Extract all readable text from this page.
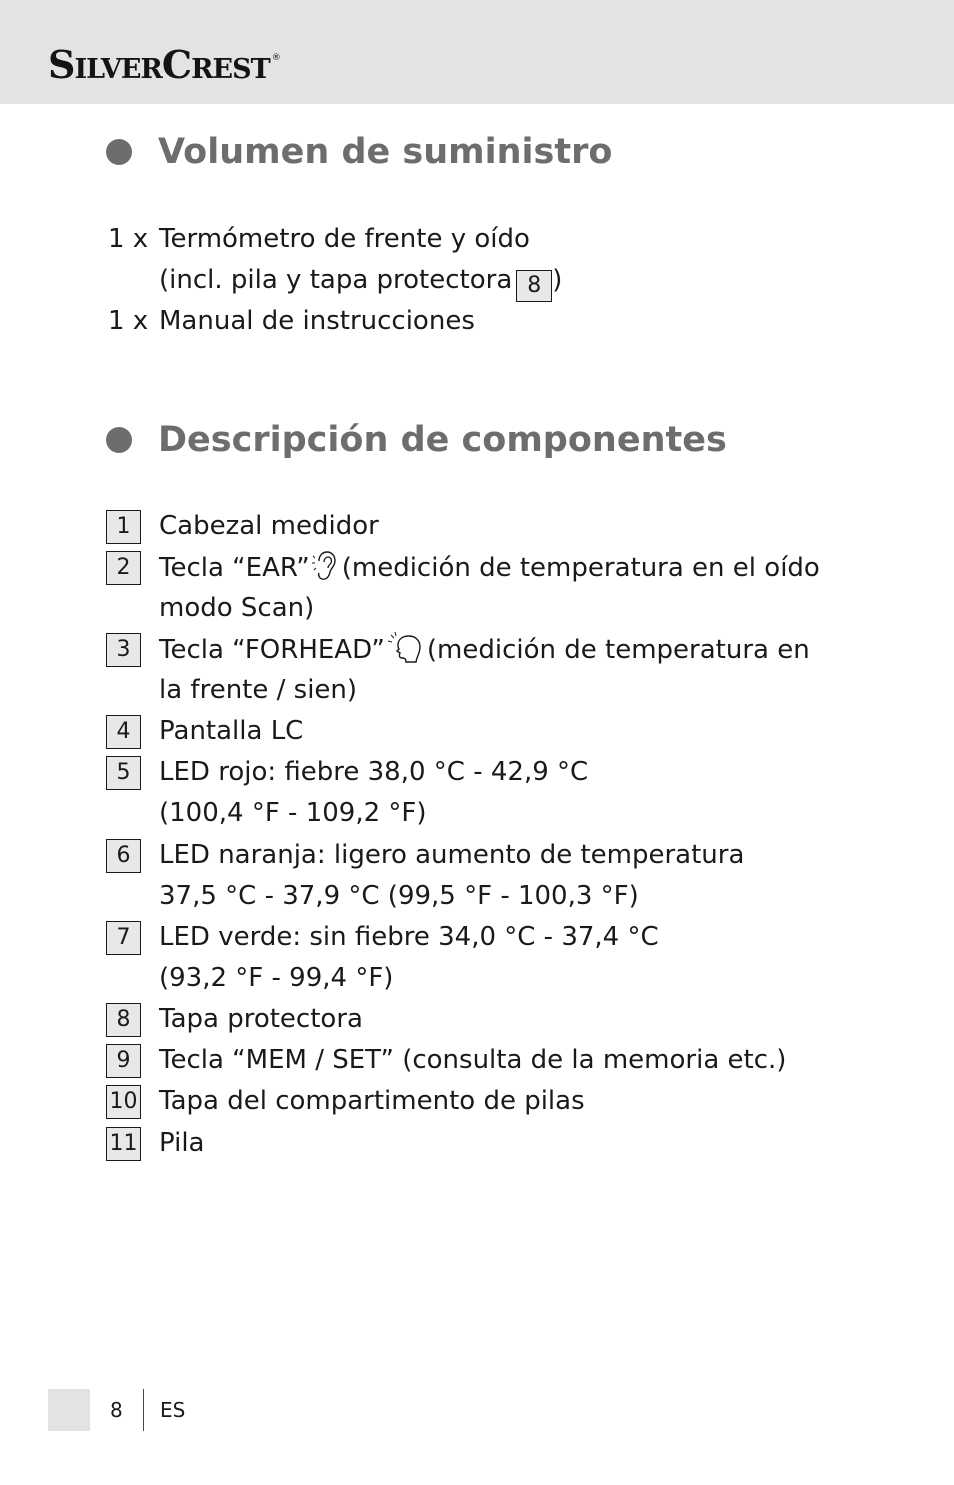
SILVERCREST ®
Volumen de suministro
1 x Termómetro de frente y oído
(incl. pila y tapa protectora 8 )
1 x Manual de instrucciones
Descripción de componentes
1	Cabezal medidor
2	Tecla “EAR” (medición de temperatura en el oído
modo Scan)
3	Tecla “FORHEAD” (medición de temperatura en
la frente / sien)
4	Pantalla LC
5	LED rojo: fiebre 38,0 °C - 42,9 °C
(100,4 °F - 109,2 °F)
6	LED naranja: ligero aumento de temperatura
37,5 °C - 37,9 °C (99,5 °F - 100,3 °F)
7	LED verde: sin fiebre 34,0 °C - 37,4 °C
(93,2 °F - 99,4 °F)
8	Tapa protectora
9	Tecla “MEM / SET” (consulta de la memoria etc.)
10 Tapa del compartimento de pilas
11 Pila
8 ES
